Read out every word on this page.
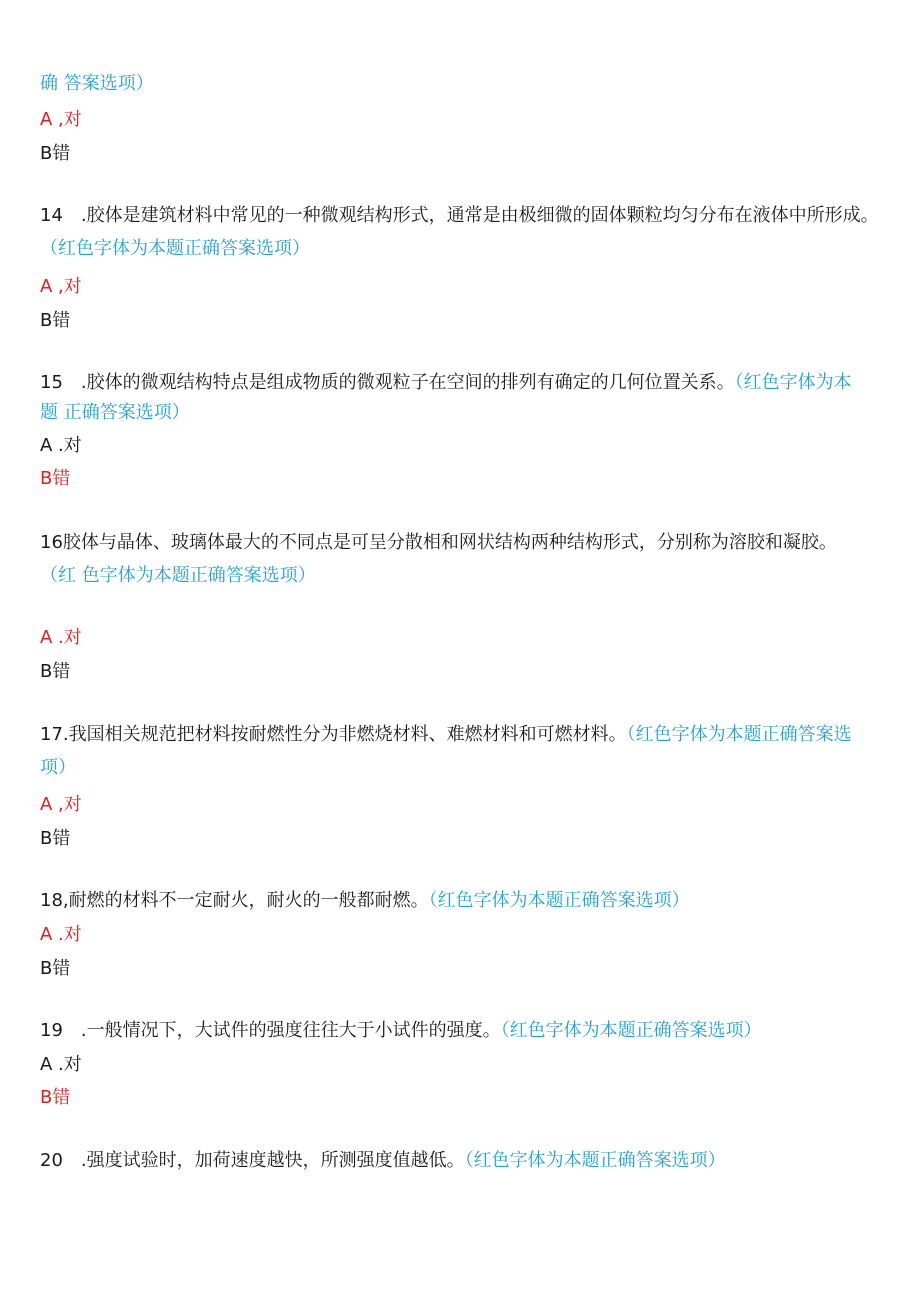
确 答案选项）
A ,对
B错
14　.胶体是建筑材料中常见的一种微观结构形式，通常是由极细微的固体颗粒均匀分布在液体中所形成。
（红色字体为本题正确答案选项）
A ,对
B错
15　.胶体的微观结构特点是组成物质的微观粒子在空间的排列有确定的几何位置关系。（红色字体为本
题 正确答案选项）
A .对
B错
16胶体与晶体、玻璃体最大的不同点是可呈分散相和网状结构两种结构形式，分别称为溶胶和凝胶。
（红 色字体为本题正确答案选项）
A .对
B错
17.我国相关规范把材料按耐燃性分为非燃烧材料、难燃材料和可燃材料。（红色字体为本题正确答案选
项）
A ,对
B错
18,耐燃的材料不一定耐火，耐火的一般都耐燃。（红色字体为本题正确答案选项）
A .对
B错
19　.一般情况下，大试件的强度往往大于小试件的强度。（红色字体为本题正确答案选项）
A .对
B错
20　.强度试验时，加荷速度越快，所测强度值越低。（红色字体为本题正确答案选项）
